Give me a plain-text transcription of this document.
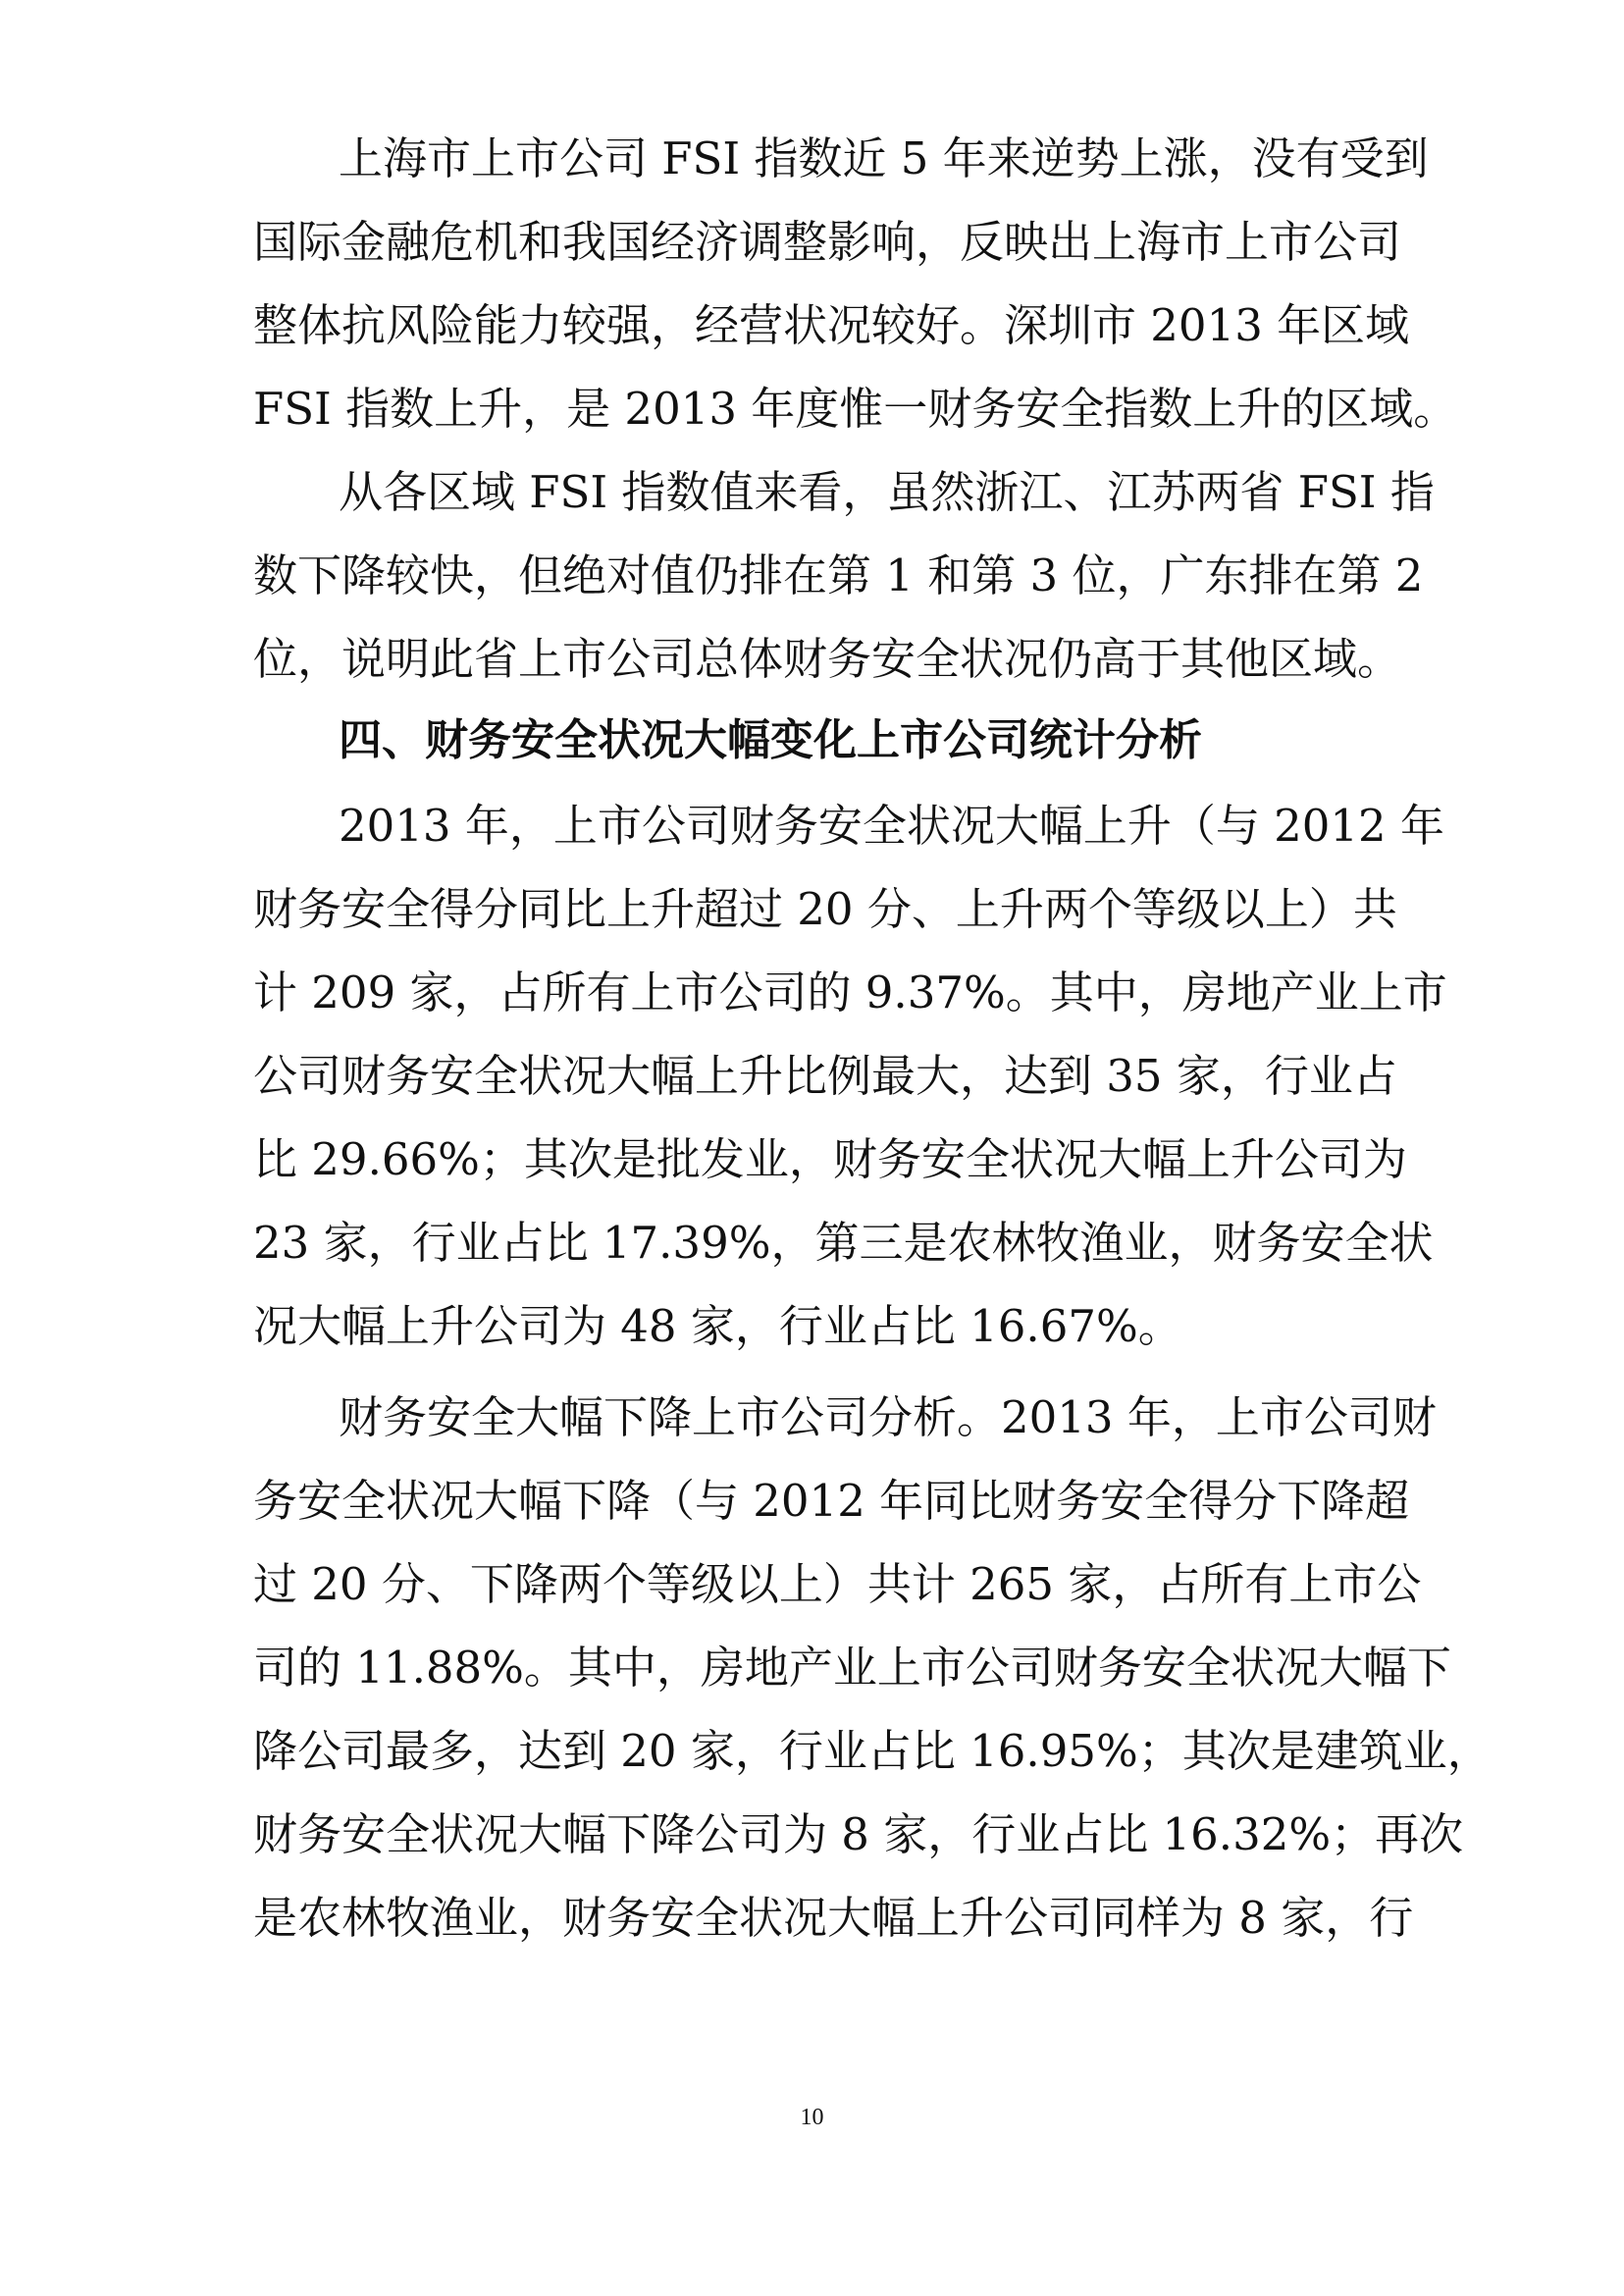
上海市上市公司 FSI 指数近 5 年来逆势上涨，没有受到
国际金融危机和我国经济调整影响，反映出上海市上市公司
整体抗风险能力较强，经营状况较好。深圳市 2013 年区域
FSI 指数上升，是 2013 年度惟一财务安全指数上升的区域。
从各区域 FSI 指数值来看，虽然浙江、江苏两省 FSI 指
数下降较快，但绝对值仍排在第 1 和第 3 位，广东排在第 2
位，说明此省上市公司总体财务安全状况仍高于其他区域。
四、财务安全状况大幅变化上市公司统计分析
2013 年，上市公司财务安全状况大幅上升（与 2012 年
财务安全得分同比上升超过 20 分、上升两个等级以上）共
计 209 家，占所有上市公司的 9.37%。其中，房地产业上市
公司财务安全状况大幅上升比例最大，达到 35 家，行业占
比 29.66%；其次是批发业，财务安全状况大幅上升公司为
23 家，行业占比 17.39%，第三是农林牧渔业，财务安全状
况大幅上升公司为 48 家，行业占比 16.67%。
财务安全大幅下降上市公司分析。2013 年，上市公司财
务安全状况大幅下降（与 2012 年同比财务安全得分下降超
过 20 分、下降两个等级以上）共计 265 家，占所有上市公
司的 11.88%。其中，房地产业上市公司财务安全状况大幅下
降公司最多，达到 20 家，行业占比 16.95%；其次是建筑业，
财务安全状况大幅下降公司为 8 家，行业占比 16.32%；再次
是农林牧渔业，财务安全状况大幅上升公司同样为 8 家，行
10
